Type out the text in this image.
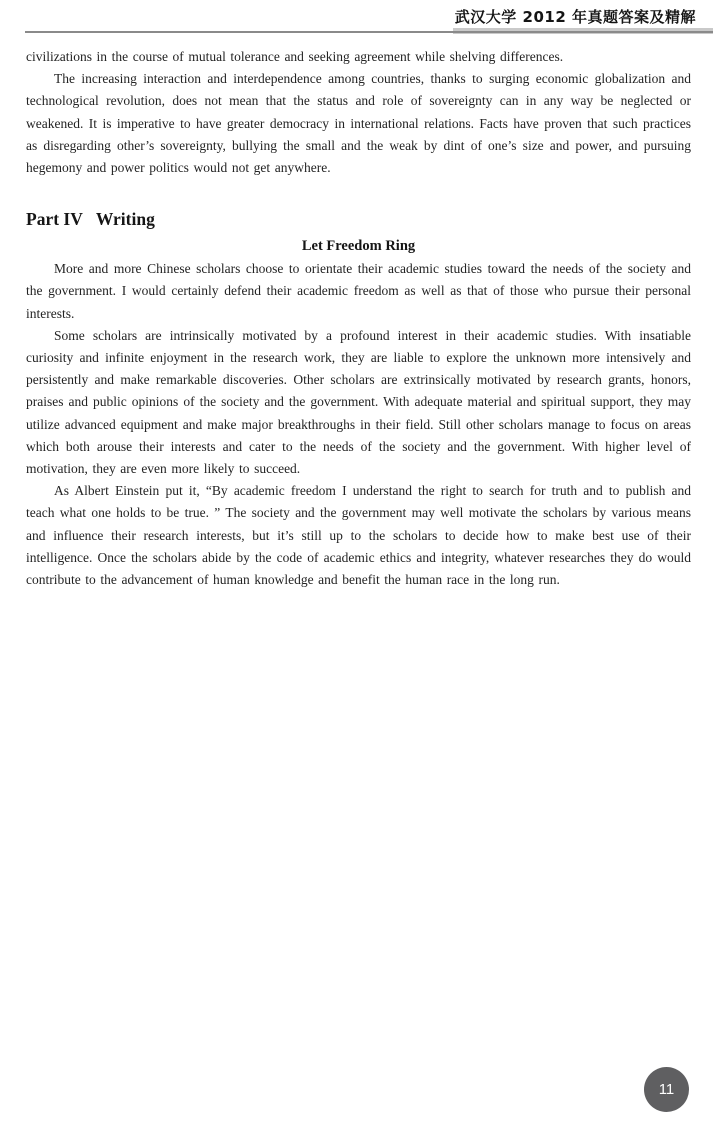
武汉大学 2012 年真题答案及精解

civilizations in the course of mutual tolerance and seeking agreement while shelving differences.

The increasing interaction and interdependence among countries, thanks to surging economic globalization and technological revolution, does not mean that the status and role of sovereignty can in any way be neglected or weakened. It is imperative to have greater democracy in international relations. Facts have proven that such practices as disregarding other’s sovereignty, bullying the small and the weak by dint of one’s size and power, and pursuing hegemony and power politics would not get anywhere.

Part IV Writing
Let Freedom Ring

More and more Chinese scholars choose to orientate their academic studies toward the needs of the society and the government. I would certainly defend their academic freedom as well as that of those who pursue their personal interests.

Some scholars are intrinsically motivated by a profound interest in their academic studies. With insatiable curiosity and infinite enjoyment in the research work, they are liable to explore the unknown more intensively and persistently and make remarkable discoveries. Other scholars are extrinsically motivated by research grants, honors, praises and public opinions of the society and the government. With adequate material and spiritual support, they may utilize advanced equipment and make major breakthroughs in their field. Still other scholars manage to focus on areas which both arouse their interests and cater to the needs of the society and the government. With higher level of motivation, they are even more likely to succeed.

As Albert Einstein put it, “By academic freedom I understand the right to search for truth and to publish and teach what one holds to be true. ” The society and the government may well motivate the scholars by various means and influence their research interests, but it’s still up to the scholars to decide how to make best use of their intelligence. Once the scholars abide by the code of academic ethics and integrity, whatever researches they do would contribute to the advancement of human knowledge and benefit the human race in the long run.

11
